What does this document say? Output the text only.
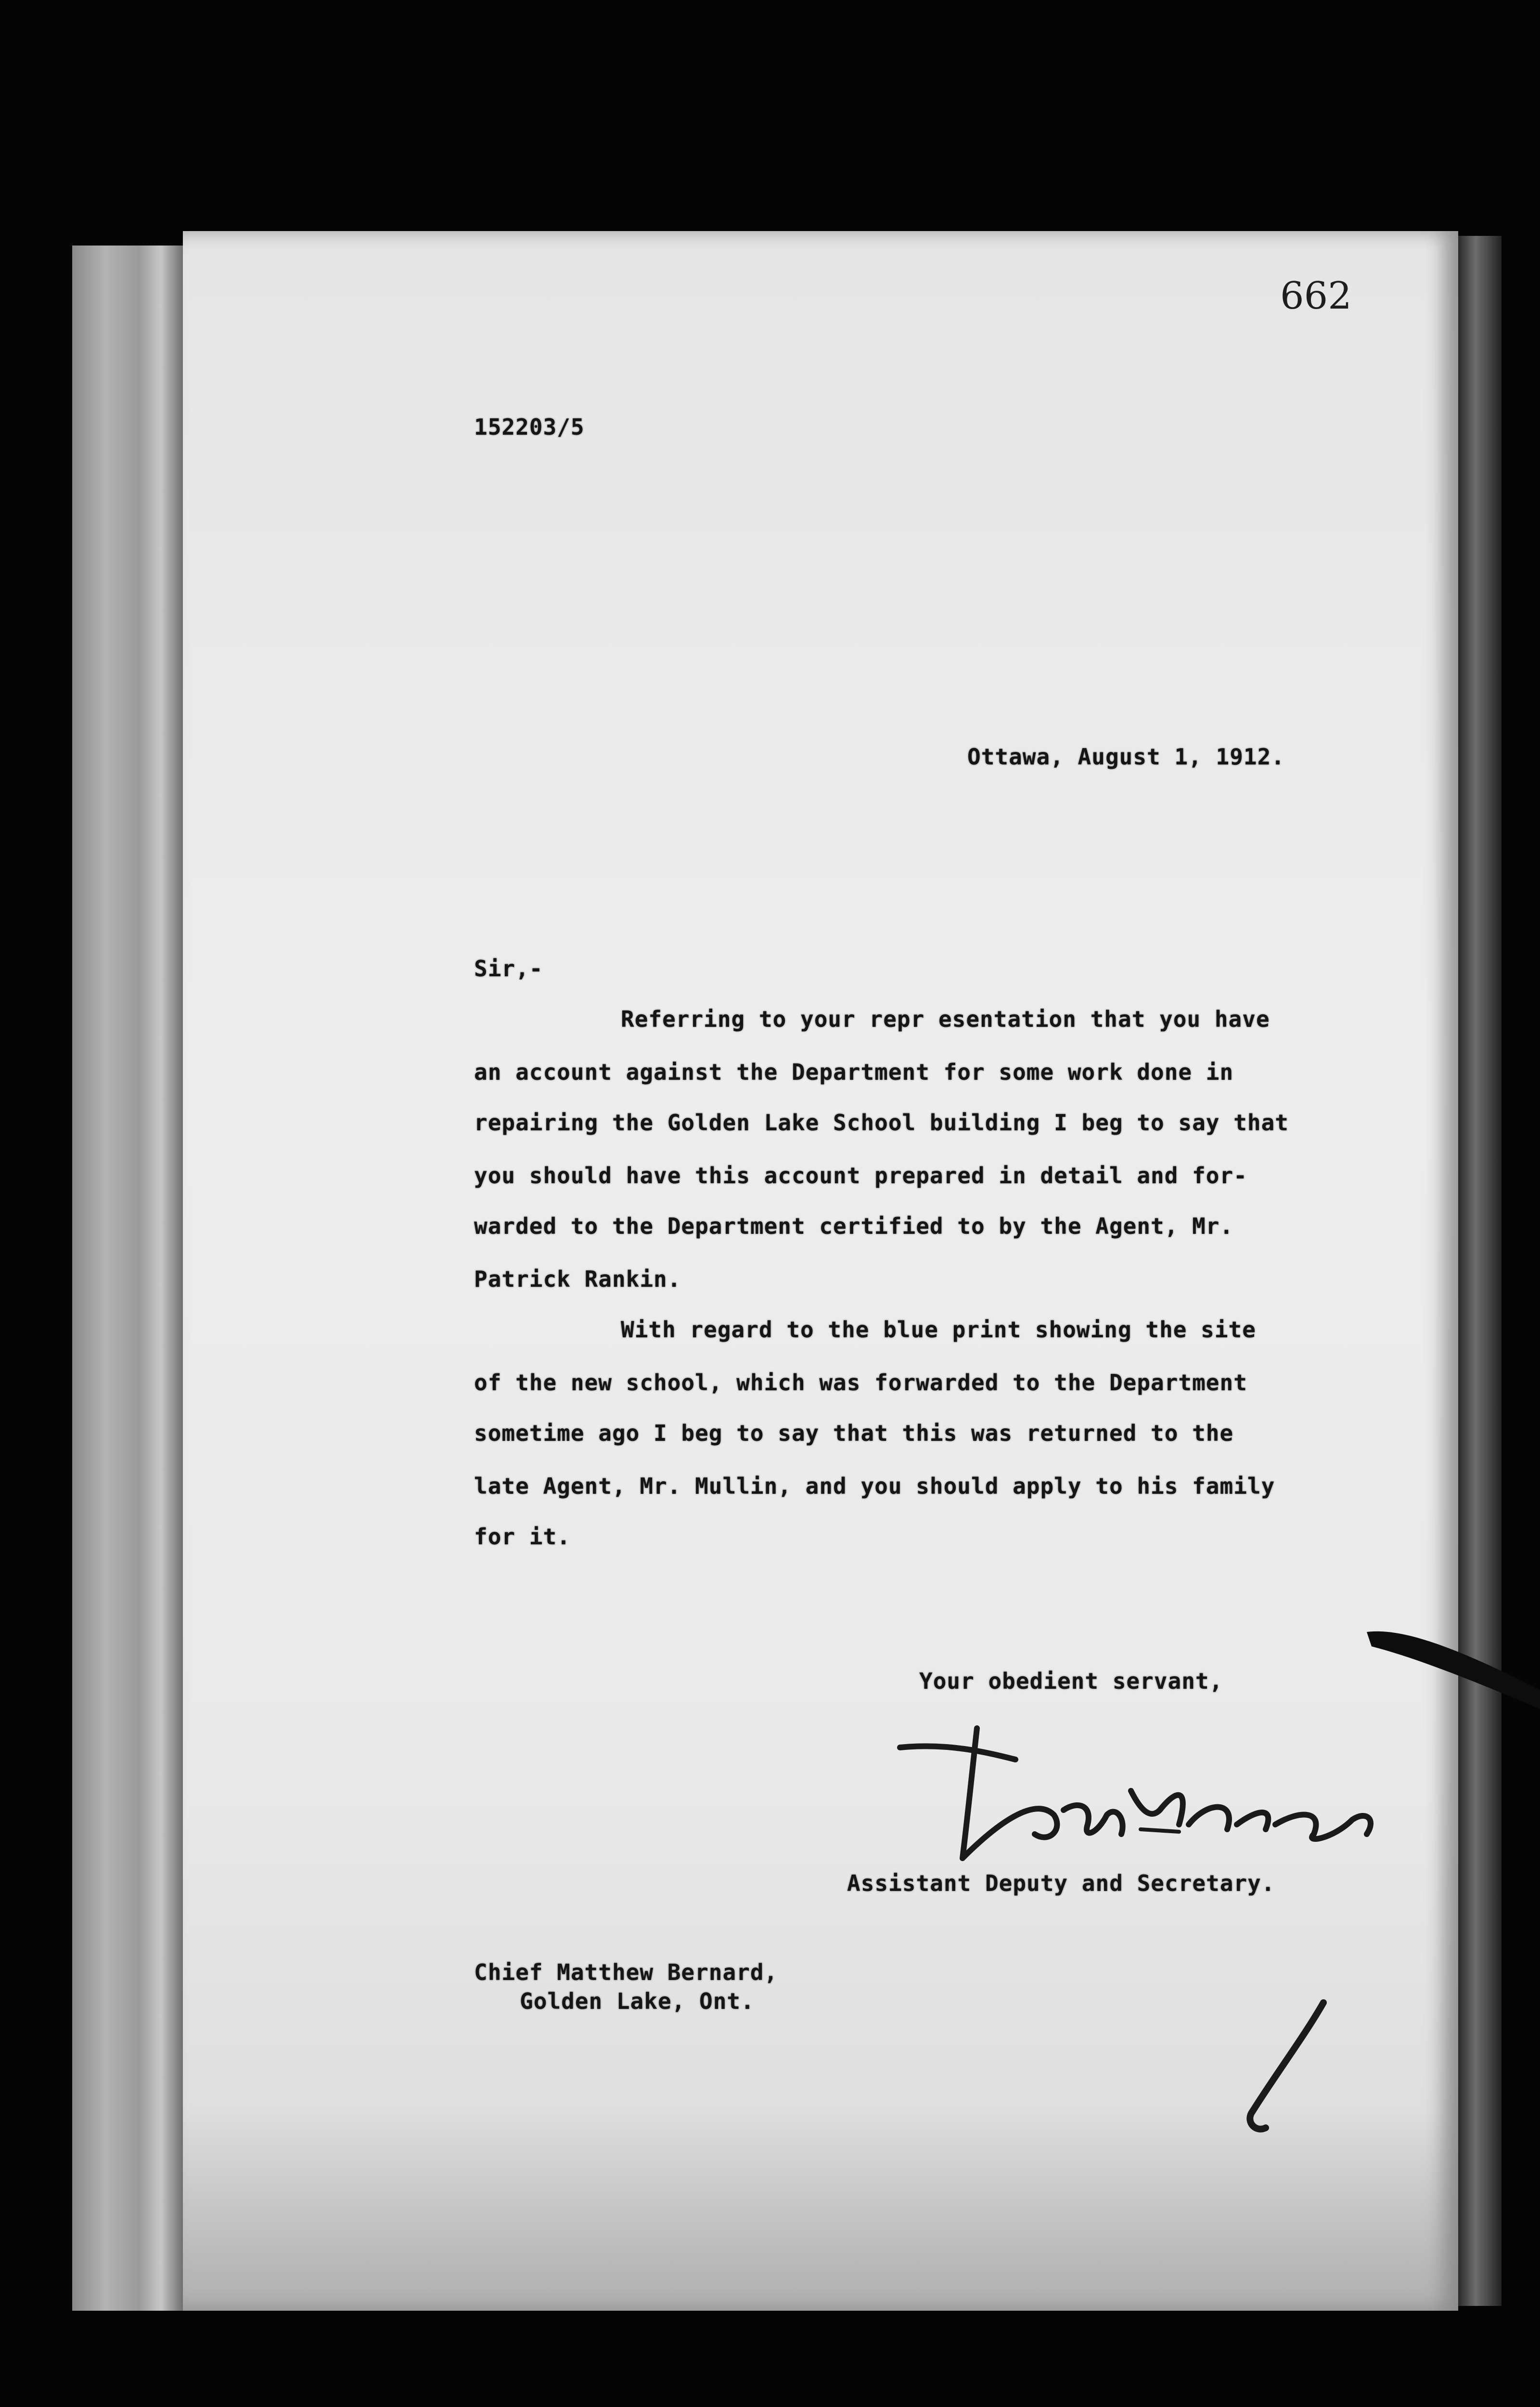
662
152203/5
Ottawa, August 1, 1912.
Sir,-
Referring to your repr esentation that you have
an account against the Department for some work done in
repairing the Golden Lake School building I beg to say that
you should have this account prepared in detail and for-
warded to the Department certified to by the Agent, Mr.
Patrick Rankin.
With regard to the blue print showing the site
of the new school, which was forwarded to the Department
sometime ago I beg to say that this was returned to the
late Agent, Mr. Mullin, and you should apply to his family
for it.
Your obedient servant,
Assistant Deputy and Secretary.
Chief Matthew Bernard,
Golden Lake, Ont.
